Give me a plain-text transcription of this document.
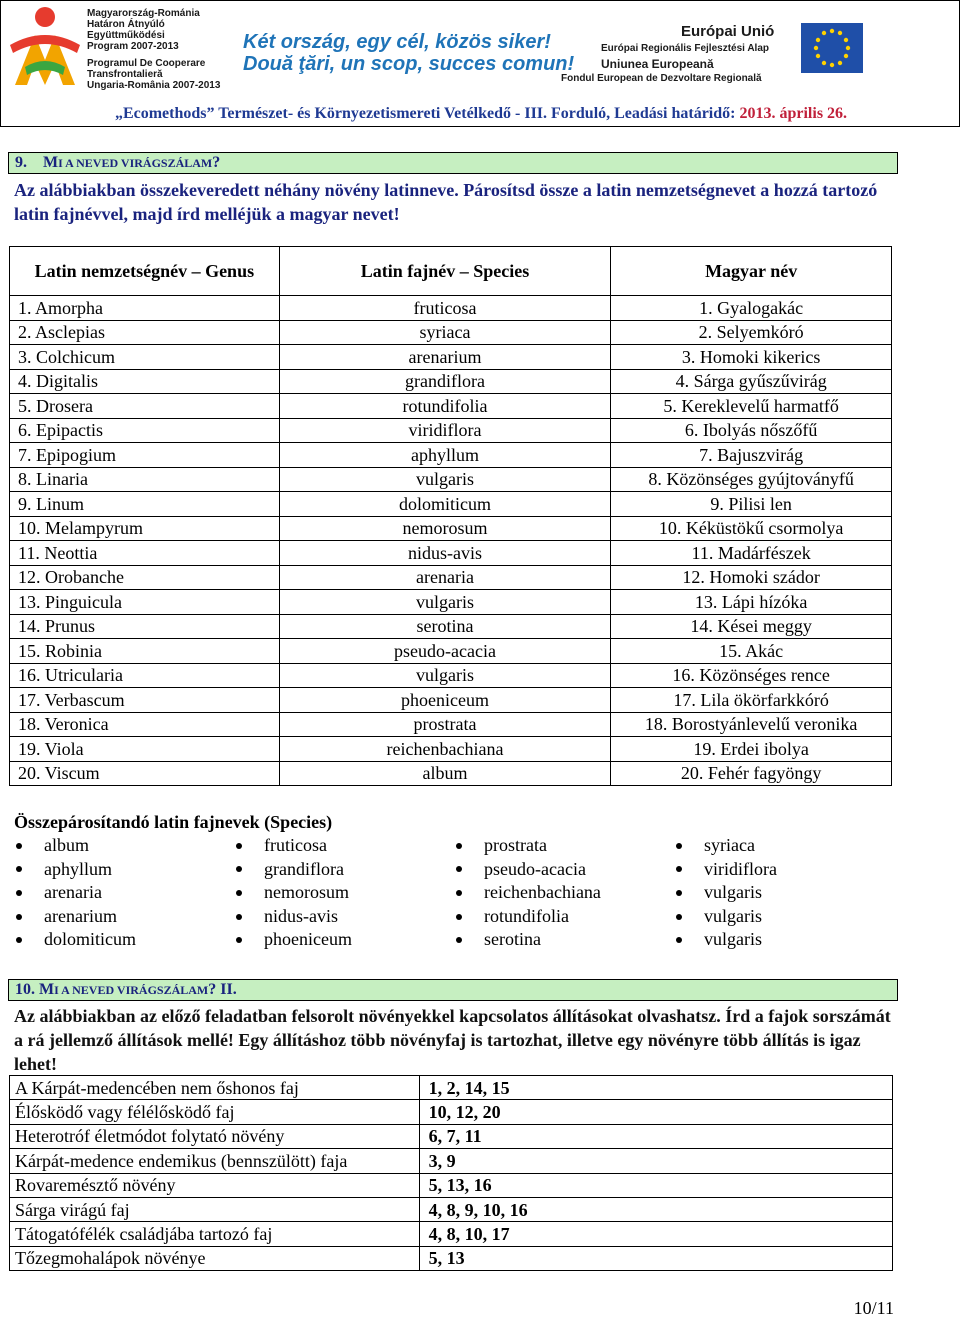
Magyarország-Románia
Határon Átnyúló Együttműködési
Program 2007-2013
Programul De Cooperare
Transfrontalieră
Ungaria-România 2007-2013
Két ország, egy cél, közös siker!
Două ţări, un scop, succes comun!
Európai Unió
Európai Regionális Fejlesztési Alap
Uniunea Europeană
Fondul European de Dezvoltare Regională
„Ecomethods” Természet- és Környezetismereti Vetélkedő - III. Forduló, Leadási határidő: 2013. április 26.
9. MI A NEVED VIRÁGSZÁLAM?
Az alábbiakban összekeveredett néhány növény latinneve. Párosítsd össze a latin nemzetségnevet a hozzá tartozó latin fajnévvel, majd írd melléjük a magyar nevet!
Latin nemzetségnév – Genus	Latin fajnév – Species	Magyar név
1. Amorpha	fruticosa	1. Gyalogakác
2. Asclepias	syriaca	2. Selyemkóró
3. Colchicum	arenarium	3. Homoki kikerics
4. Digitalis	grandiflora	4. Sárga gyűszűvirág
5. Drosera	rotundifolia	5. Kereklevelű harmatfő
6. Epipactis	viridiflora	6. Ibolyás nőszőfű
7. Epipogium	aphyllum	7. Bajuszvirág
8. Linaria	vulgaris	8. Közönséges gyújtoványfű
9. Linum	dolomiticum	9. Pilisi len
10. Melampyrum	nemorosum	10. Kéküstökű csormolya
11. Neottia	nidus-avis	11. Madárfészek
12. Orobanche	arenaria	12. Homoki szádor
13. Pinguicula	vulgaris	13. Lápi hízóka
14. Prunus	serotina	14. Kései meggy
15. Robinia	pseudo-acacia	15. Akác
16. Utricularia	vulgaris	16. Közönséges rence
17. Verbascum	phoeniceum	17. Lila ökörfarkkóró
18. Veronica	prostrata	18. Borostyánlevelű veronika
19. Viola	reichenbachiana	19. Erdei ibolya
20. Viscum	album	20. Fehér fagyöngy
Összepárosítandó latin fajnevek (Species)
album
aphyllum
arenaria
arenarium
dolomiticum
fruticosa
grandiflora
nemorosum
nidus-avis
phoeniceum
prostrata
pseudo-acacia
reichenbachiana
rotundifolia
serotina
syriaca
viridiflora
vulgaris
vulgaris
vulgaris
10. MI A NEVED VIRÁGSZÁLAM? II.
Az alábbiakban az előző feladatban felsorolt növényekkel kapcsolatos állításokat olvashatsz. Írd a fajok sorszámát a rá jellemző állítások mellé! Egy állításhoz több növényfaj is tartozhat, illetve egy növényre több állítás is igaz lehet!
A Kárpát-medencében nem őshonos faj	1, 2, 14, 15
Élősködő vagy félélősködő faj	10, 12, 20
Heterotróf életmódot folytató növény	6, 7, 11
Kárpát-medence endemikus (bennszülött) faja	3, 9
Rovaremésztő növény	5, 13, 16
Sárga virágú faj	4, 8, 9, 10, 16
Tátogatófélék családjába tartozó faj	4, 8, 10, 17
Tőzegmohalápok növénye	5, 13
10/11
